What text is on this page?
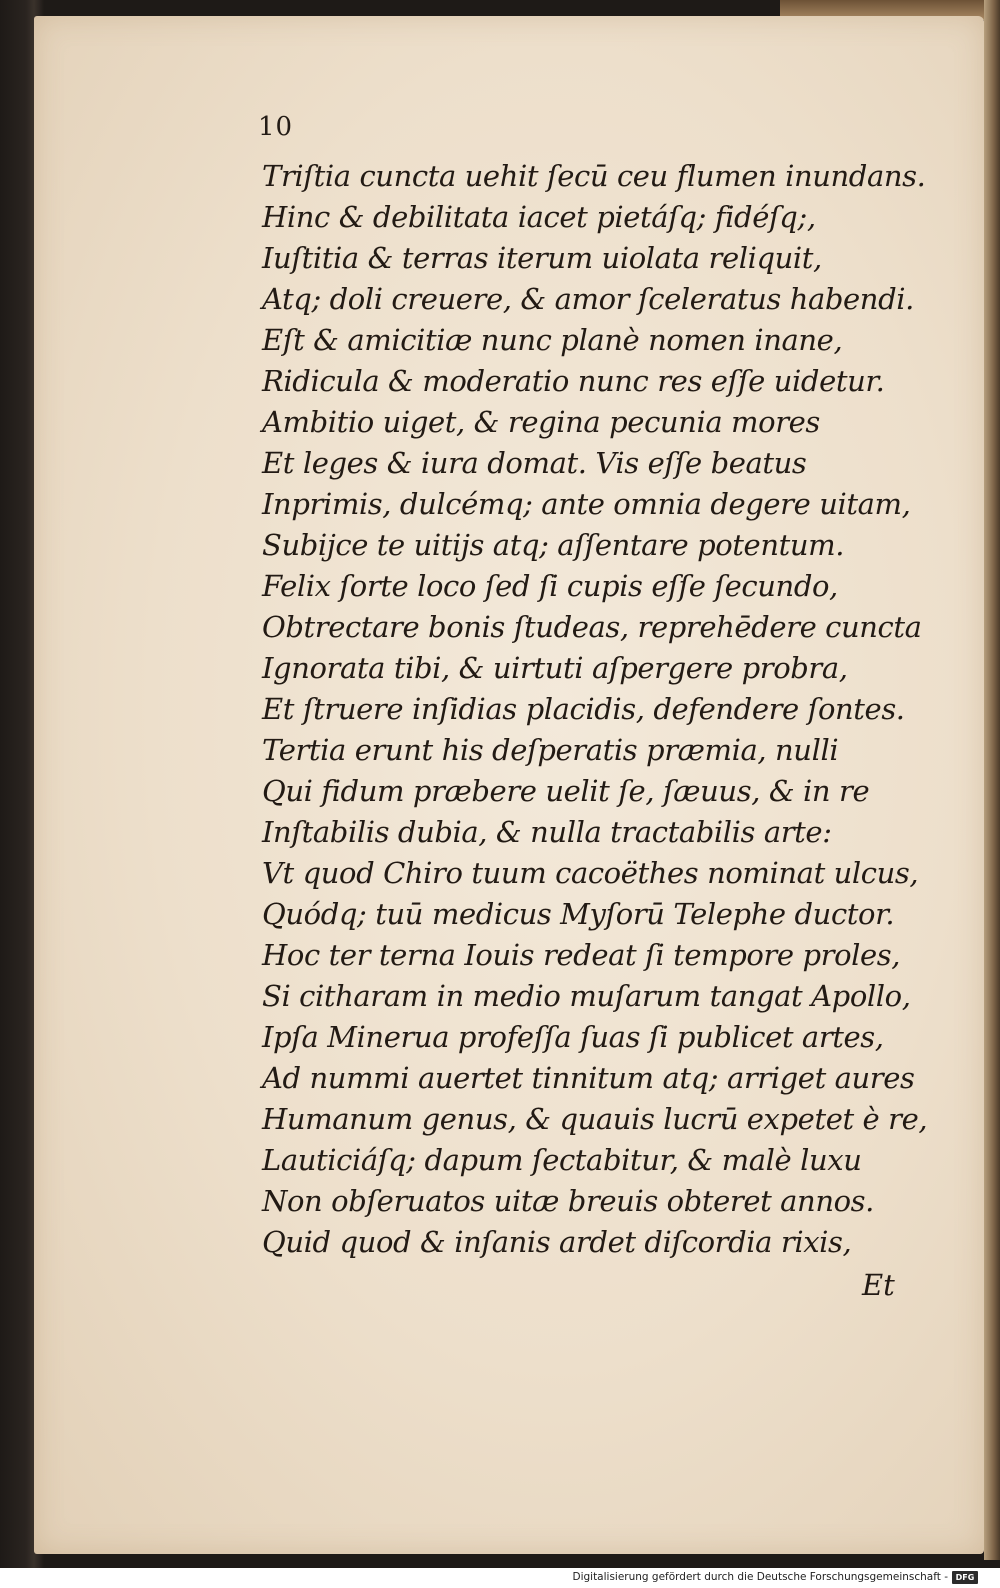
10
Triſtia cuncta uehit ſecū ceu flumen inundans.
Hinc & debilitata iacet pietáſq; fidéſq;,
Iuſtitia & terras iterum uiolata reliquit,
Atq; doli creuere, & amor ſceleratus habendi.
Eſt & amicitiæ nunc planè nomen inane,
Ridicula & moderatio nunc res eſſe uidetur.
Ambitio uiget, & regina pecunia mores
Et leges & iura domat. Vis eſſe beatus
Inprimis, dulcémq; ante omnia degere uitam,
Subijce te uitijs atq; aſſentare potentum.
Felix ſorte loco ſed ſi cupis eſſe ſecundo,
Obtrectare bonis ſtudeas, reprehēdere cuncta
Ignorata tibi, & uirtuti aſpergere probra,
Et ſtruere inſidias placidis, defendere ſontes.
Tertia erunt his deſperatis præmia, nulli
Qui fidum præbere uelit ſe, ſæuus, & in re
Inſtabilis dubia, & nulla tractabilis arte:
Vt quod Chiro tuum cacoëthes nominat ulcus,
Quódq; tuū medicus Myſorū Telephe ductor.
Hoc ter terna Iouis redeat ſi tempore proles,
Si citharam in medio muſarum tangat Apollo,
Ipſa Minerua profeſſa ſuas ſi publicet artes,
Ad nummi auertet tinnitum atq; arriget aures
Humanum genus, & quauis lucrū expetet è re,
Lauticiáſq; dapum ſectabitur, & malè luxu
Non obſeruatos uitæ breuis obteret annos.
Quid quod & inſanis ardet diſcordia rixis,
Et
Digitalisierung gefördert durch die Deutsche Forschungsgemeinschaft - DFG
